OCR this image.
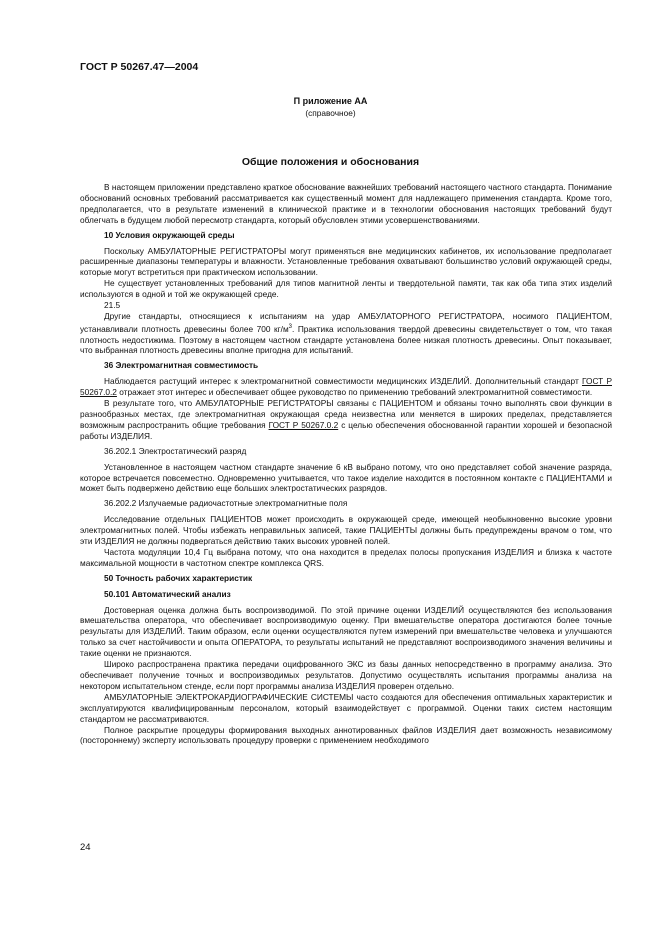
ГОСТ Р 50267.47—2004
П риложение АА
(справочное)
Общие положения и обоснования

В настоящем приложении представлено краткое обоснование важнейших требований настоящего частного стандарта. Понимание обоснований основных требований рассматривается как существенный момент для надлежащего применения стандарта. Кроме того, предполагается, что в результате изменений в клинической практике и в технологии обоснования настоящих требований будут облегчать в будущем любой пересмотр стандарта, который обусловлен этими усовершенствованиями.

10 Условия окружающей среды

Поскольку АМБУЛАТОРНЫЕ РЕГИСТРАТОРЫ могут применяться вне медицинских кабинетов, их использование предполагает расширенные диапазоны температуры и влажности. Установленные требования охватывают большинство условий окружающей среды, которые могут встретиться при практическом использовании.

Не существует установленных требований для типов магнитной ленты и твердотельной памяти, так как оба типа этих изделий используются в одной и той же окружающей среде.

21.5

Другие стандарты, относящиеся к испытаниям на удар АМБУЛАТОРНОГО РЕГИСТРАТОРА, носимого ПАЦИЕНТОМ, устанавливали плотность древесины более 700 $кг/м^3$. Практика использования твердой древесины свидетельствует о том, что такая плотность недостижима. Поэтому в настоящем частном стандарте установлена более низкая плотность древесины. Опыт показывает, что выбранная плотность древесины вполне пригодна для испытаний.

36 Электромагнитная совместимость

Наблюдается растущий интерес к электромагнитной совместимости медицинских ИЗДЕЛИЙ. Дополнительный стандарт ГОСТ Р 50267.0.2 отражает этот интерес и обеспечивает общее руководство по применению требований электромагнитной совместимости.

В результате того, что АМБУЛАТОРНЫЕ РЕГИСТРАТОРЫ связаны с ПАЦИЕНТОМ и обязаны точно выполнять свои функции в разнообразных местах, где электромагнитная окружающая среда неизвестна или меняется в широких пределах, представляется возможным распространить общие требования ГОСТ Р 50267.0.2 с целью обеспечения обоснованной гарантии хорошей и безопасной работы ИЗДЕЛИЯ.

36.202.1 Электростатический разряд

Установленное в настоящем частном стандарте значение 6 кВ выбрано потому, что оно представляет собой значение разряда, которое встречается повсеместно. Одновременно учитывается, что такое изделие находится в постоянном контакте с ПАЦИЕНТАМИ и может быть подвержено действию еще больших электростатических разрядов.

36.202.2 Излучаемые радиочастотные электромагнитные поля

Исследование отдельных ПАЦИЕНТОВ может происходить в окружающей среде, имеющей необыкновенно высокие уровни электромагнитных полей. Чтобы избежать неправильных записей, такие ПАЦИЕНТЫ должны быть предупреждены врачом о том, что эти ИЗДЕЛИЯ не должны подвергаться действию таких высоких уровней полей.

Частота модуляции 10,4 Гц выбрана потому, что она находится в пределах полосы пропускания ИЗДЕЛИЯ и близка к частоте максимальной мощности в частотном спектре комплекса QRS.

50 Точность рабочих характеристик

50.101 Автоматический анализ

Достоверная оценка должна быть воспроизводимой. По этой причине оценки ИЗДЕЛИЙ осуществляются без использования вмешательства оператора, что обеспечивает воспроизводимую оценку. При вмешательстве оператора достигаются более точные результаты для ИЗДЕЛИЙ. Таким образом, если оценки осуществляются путем измерений при вмешательстве человека и улучшаются только за счет настойчивости и опыта ОПЕРАТОРА, то результаты испытаний не представляют воспроизводимого значения величины и такие оценки не признаются.

Широко распространена практика передачи оцифрованного ЭКС из базы данных непосредственно в программу анализа. Это обеспечивает получение точных и воспроизводимых результатов. Допустимо осуществлять испытания программы анализа на некотором испытательном стенде, если порт программы анализа ИЗДЕЛИЯ проверен отдельно.

АМБУЛАТОРНЫЕ ЭЛЕКТРОКАРДИОГРАФИЧЕСКИЕ СИСТЕМЫ часто создаются для обеспечения оптимальных характеристик и эксплуатируются квалифицированным персоналом, который взаимодействует с программой. Оценки таких систем настоящим стандартом не рассматриваются.

Полное раскрытие процедуры формирования выходных аннотированных файлов ИЗДЕЛИЯ дает возможность независимому (постороннему) эксперту использовать процедуру проверки с применением необходимого

24
